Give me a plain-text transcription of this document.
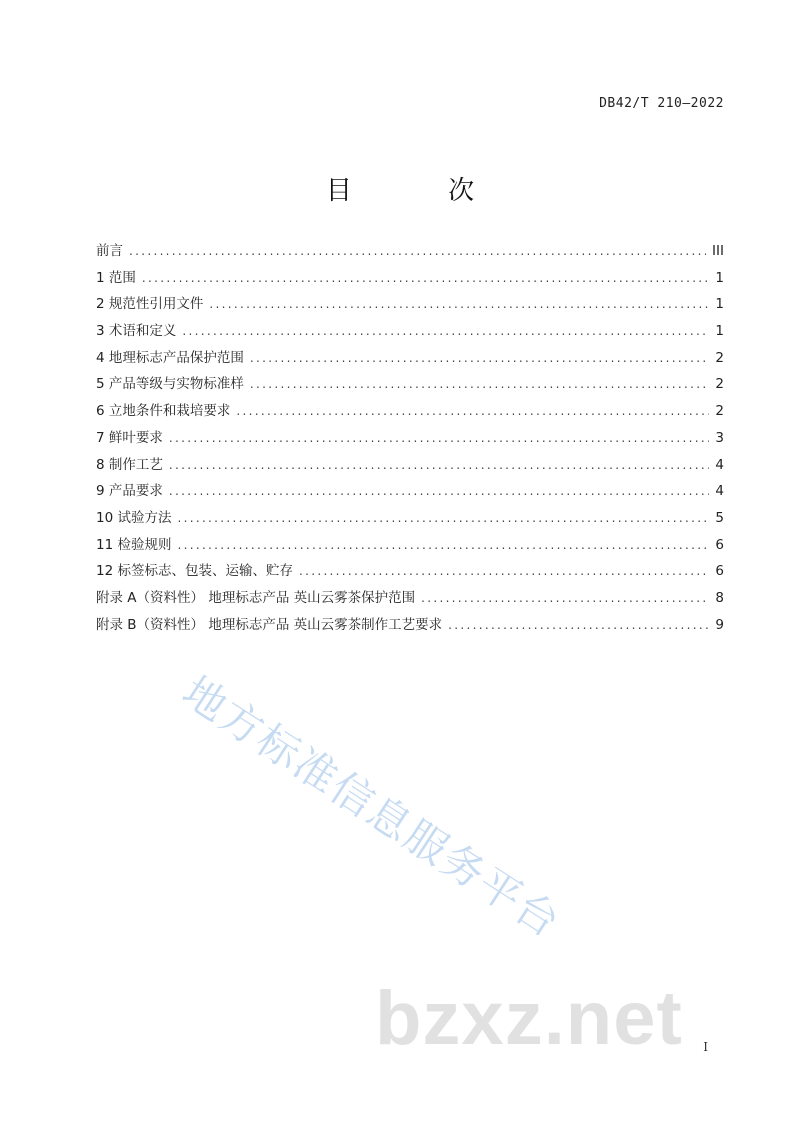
DB42/T 210—2022
目 次
前言 .....	III
1 范围 .....	1
2 规范性引用文件 .....	1
3 术语和定义 .....	1
4 地理标志产品保护范围 .....	2
5 产品等级与实物标准样 .....	2
6 立地条件和栽培要求 .....	2
7 鲜叶要求 .....	3
8 制作工艺 .....	4
9 产品要求 .....	4
10 试验方法 .....	5
11 检验规则 .....	6
12 标签标志、包装、运输、贮存 .....	6
附录 A（资料性） 地理标志产品 英山云雾茶保护范围 .....	8
附录 B（资料性） 地理标志产品 英山云雾茶制作工艺要求 .....	9
地方标准信息服务平台
bzxz.net I
